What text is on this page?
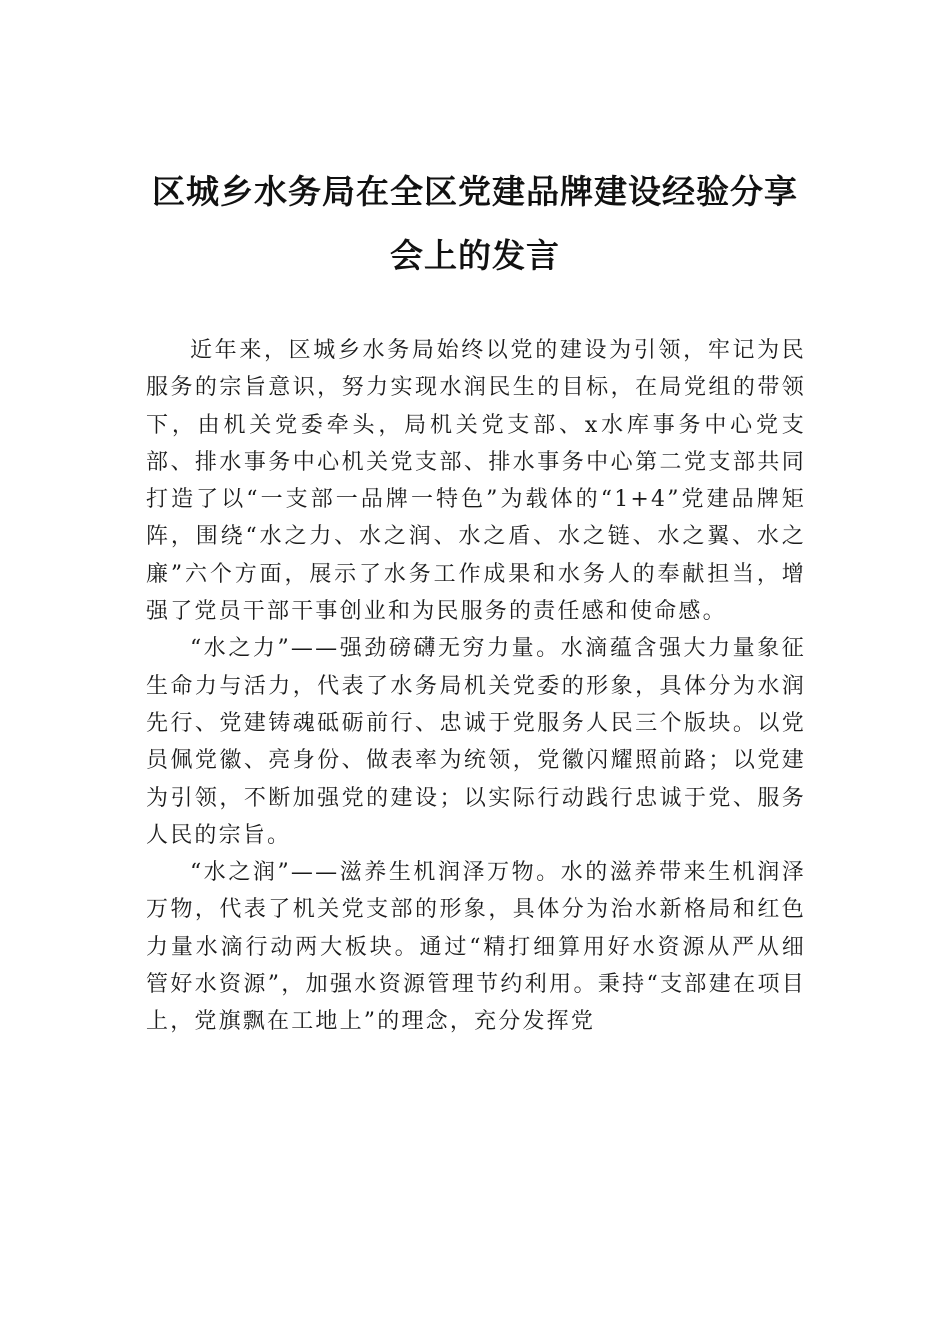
区城乡水务局在全区党建品牌建设经验分享会上的发言

近年来，区城乡水务局始终以党的建设为引领，牢记为民服务的宗旨意识，努力实现水润民生的目标，在局党组的带领下，由机关党委牵头，局机关党支部、x水库事务中心党支部、排水事务中心机关党支部、排水事务中心第二党支部共同打造了以“一支部一品牌一特色”为载体的“1+4”党建品牌矩阵，围绕“水之力、水之润、水之盾、水之链、水之翼、水之廉”六个方面，展示了水务工作成果和水务人的奉献担当，增强了党员干部干事创业和为民服务的责任感和使命感。

“水之力”——强劲磅礴无穷力量。水滴蕴含强大力量象征生命力与活力，代表了水务局机关党委的形象，具体分为水润先行、党建铸魂砥砺前行、忠诚于党服务人民三个版块。以党员佩党徽、亮身份、做表率为统领，党徽闪耀照前路；以党建为引领，不断加强党的建设；以实际行动践行忠诚于党、服务人民的宗旨。

“水之润”——滋养生机润泽万物。水的滋养带来生机润泽万物，代表了机关党支部的形象，具体分为治水新格局和红色力量水滴行动两大板块。通过“精打细算用好水资源从严从细管好水资源”，加强水资源管理节约利用。秉持“支部建在项目上，党旗飘在工地上”的理念，充分发挥党
